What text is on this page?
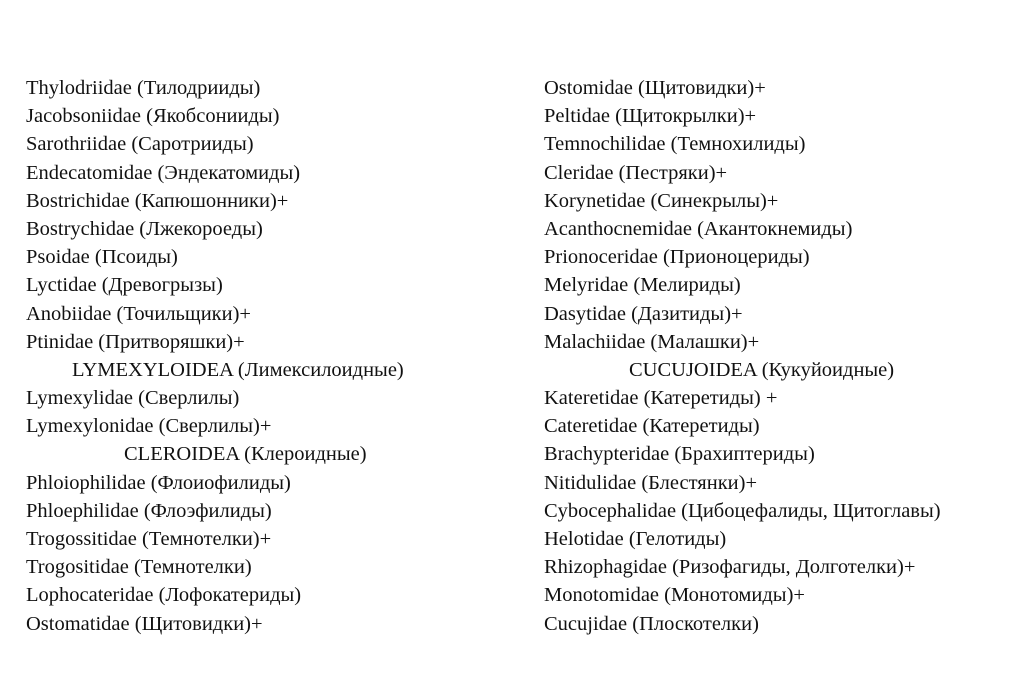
Thylodriidae (Тилодрииды)
Jacobsoniidae (Якобсонииды)
Sarothriidae (Саротрииды)
Endecatomidae (Эндекатомиды)
Bostrichidae (Капюшонники)+
Bostrychidae (Лжекороеды)
Psoidae (Псоиды)
Lyctidae (Древогрызы)
Anobiidae (Точильщики)+
Ptinidae (Притворяшки)+
LYMEXYLOIDEA (Лимексилоидные)
Lymexylidae (Сверлилы)
Lymexylonidae (Сверлилы)+
CLEROIDEA (Клероидные)
Phloiophilidae (Флоиофилиды)
Phloephilidae (Флоэфилиды)
Trogossitidae (Темнотелки)+
Trogositidae (Темнотелки)
Lophocateridae (Лофокатериды)
Ostomatidae (Щитовидки)+
Ostomidae (Щитовидки)+
Peltidae (Щитокрылки)+
Temnochilidae (Темнохилиды)
Cleridae (Пестряки)+
Korynetidae (Синекрылы)+
Acanthocnemidae (Акантокнемиды)
Prionoceridae (Прионоцериды)
Melyridae (Мелириды)
Dasytidae (Дазитиды)+
Malachiidae (Малашки)+
CUCUJOIDEA (Кукуйоидные)
Kateretidae (Катеретиды) +
Cateretidae (Катеретиды)
Brachypteridae (Брахиптериды)
Nitidulidae (Блестянки)+
Cybocephalidae (Цибоцефалиды, Щитоглавы)
Helotidae (Гелотиды)
Rhizophagidae (Ризофагиды, Долготелки)+
Monotomidae (Монотомиды)+
Cucujidae (Плоскотелки)
